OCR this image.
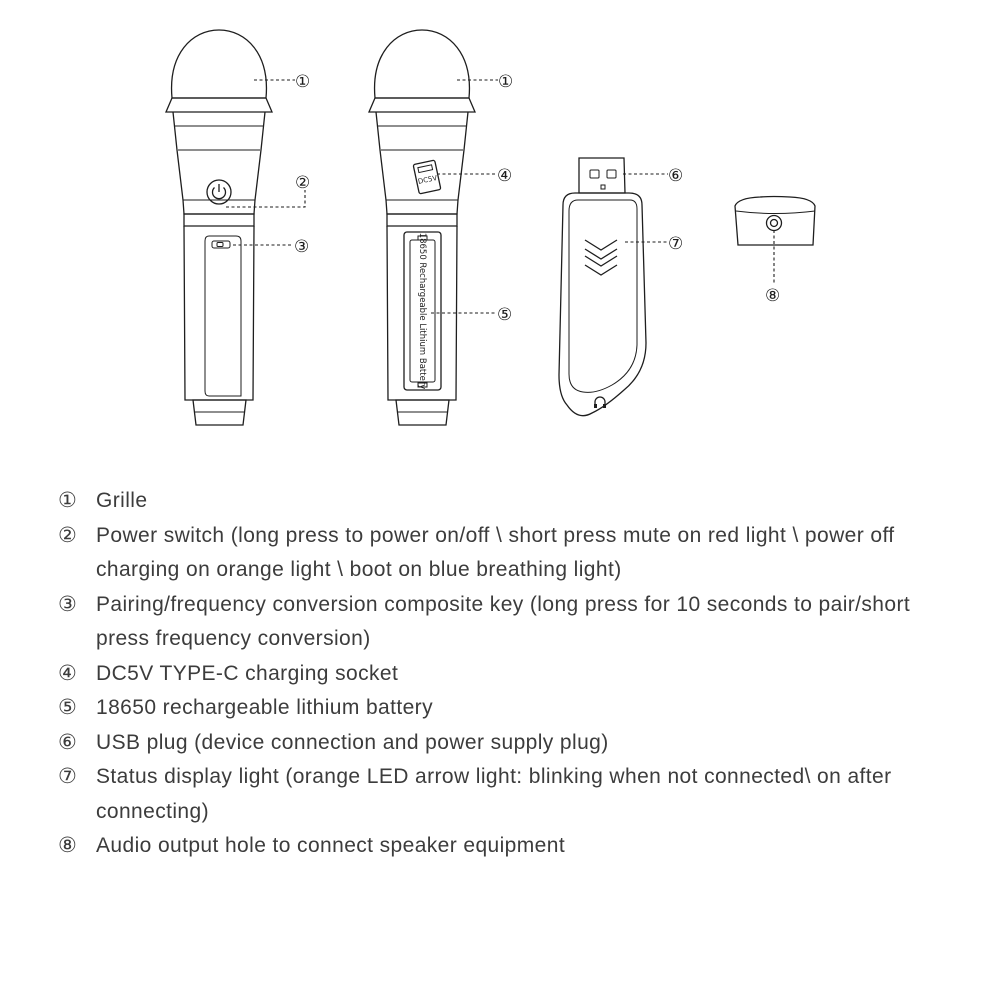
DC5V
18650 Rechargeable Lithium Battery
①
②
③
①
④
⑤
⑥
⑦
⑧
① Grille
② Power switch (long press to power on/off \ short press mute on red light \ power off charging on orange light \ boot on blue breathing light)
③ Pairing/frequency conversion composite key (long press for 10 seconds to pair/short press frequency conversion)
④ DC5V TYPE-C charging socket
⑤ 18650 rechargeable lithium battery
⑥ USB plug (device connection and power supply plug)
⑦ Status display light (orange LED arrow light: blinking when not connected\ on after connecting)
⑧ Audio output hole to connect speaker equipment
